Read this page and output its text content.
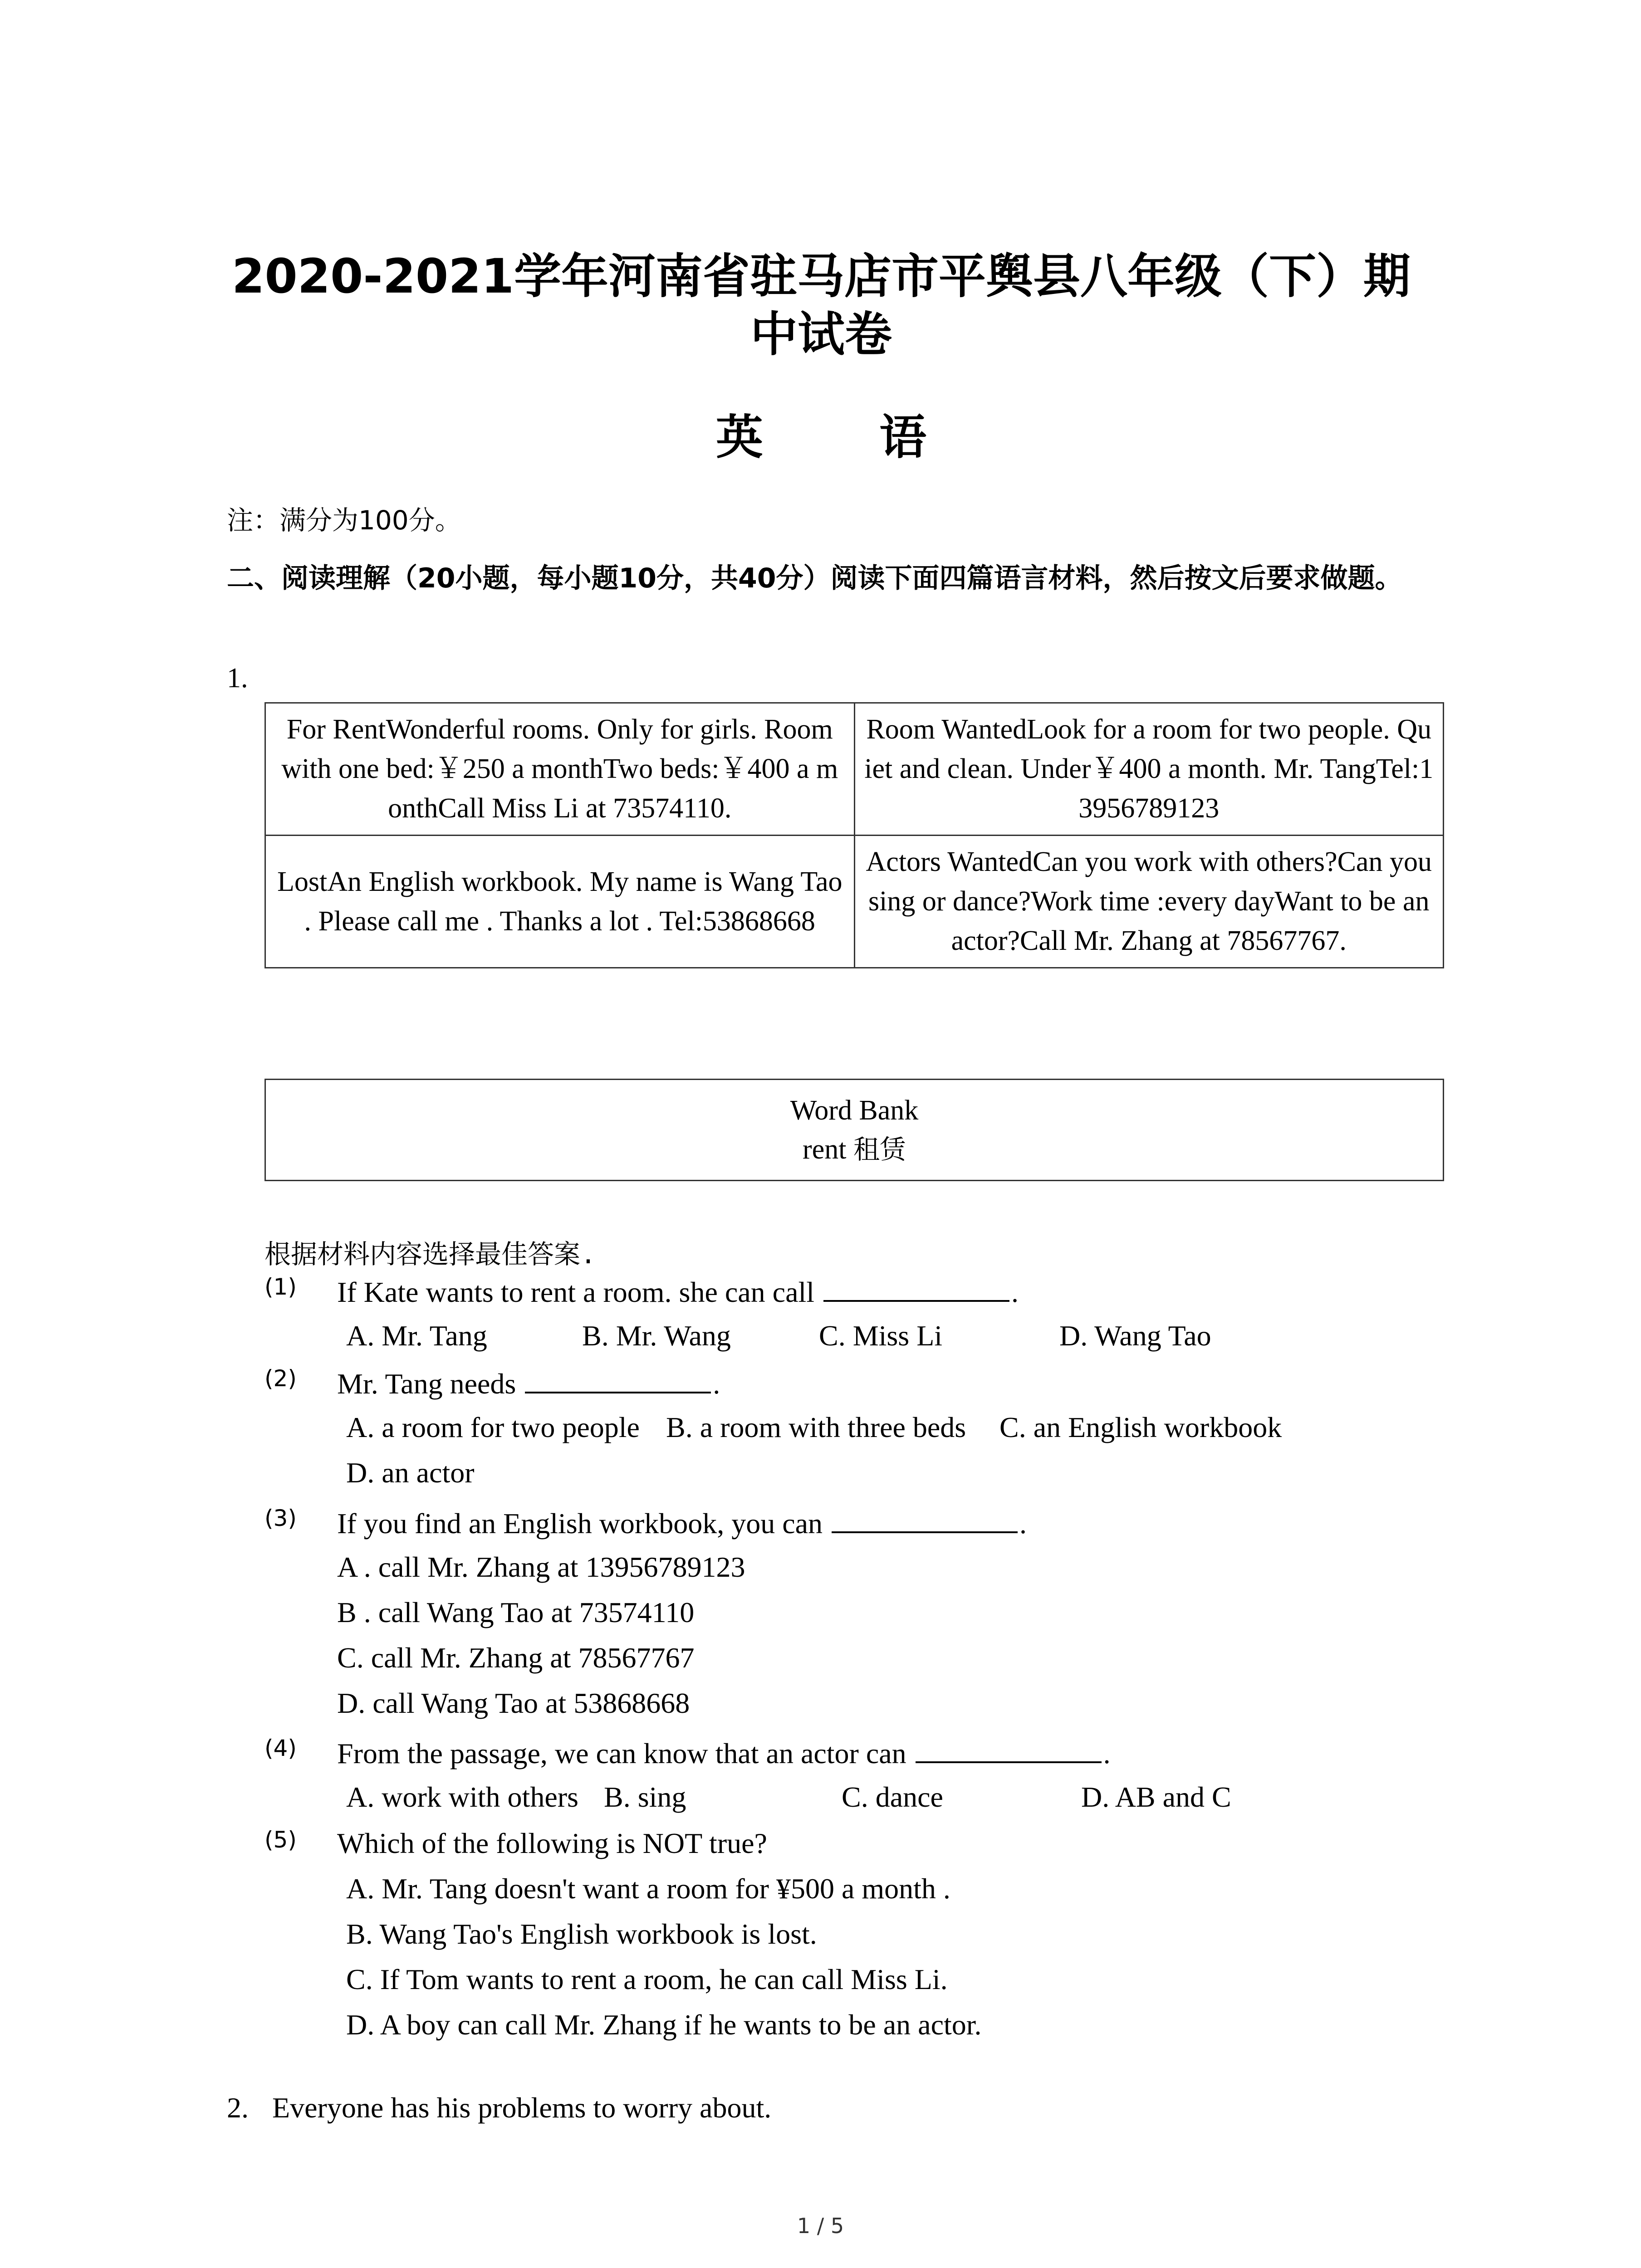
2020-2021学年河南省驻马店市平舆县八年级（下）期
中试卷
英 语
注：满分为100分。
二、阅读理解（20小题，每小题10分，共40分）阅读下面四篇语言材料，然后按文后要求做题。
1.
For RentWonderful rooms. Only for girls. Room with one bed:￥250 a monthTwo beds:￥400 a monthCall Miss Li at 73574110.	Room WantedLook for a room for two people. Quiet and clean. Under￥400 a month. Mr. TangTel:13956789123
LostAn English workbook. My name is Wang Tao . Please call me . Thanks a lot . Tel:53868668	Actors WantedCan you work with others?Can you sing or dance?Work time :every dayWant to be an actor?Call Mr. Zhang at 78567767.
Word Bank
rent 租赁
根据材料内容选择最佳答案.
(1) If Kate wants to rent a room. she can call	.
A. Mr. Tang	B. Mr. Wang	C. Miss Li	D. Wang Tao
(2) Mr. Tang needs	.
A. a room for two people B. a room with three beds C. an English workbook
D. an actor
(3) If you find an English workbook, you can	.
A . call Mr. Zhang at 13956789123
B . call Wang Tao at 73574110
C. call Mr. Zhang at 78567767
D. call Wang Tao at 53868668
(4) From the passage, we can know that an actor can	.
A. work with others B. sing	C. dance	D. AB and C
(5) Which of the following is NOT true?
A. Mr. Tang doesn't want a room for ¥500 a month .
B. Wang Tao's English workbook is lost.
C. If Tom wants to rent a room, he can call Miss Li.
D. A boy can call Mr. Zhang if he wants to be an actor.
2. Everyone has his problems to worry about.
1 / 5
